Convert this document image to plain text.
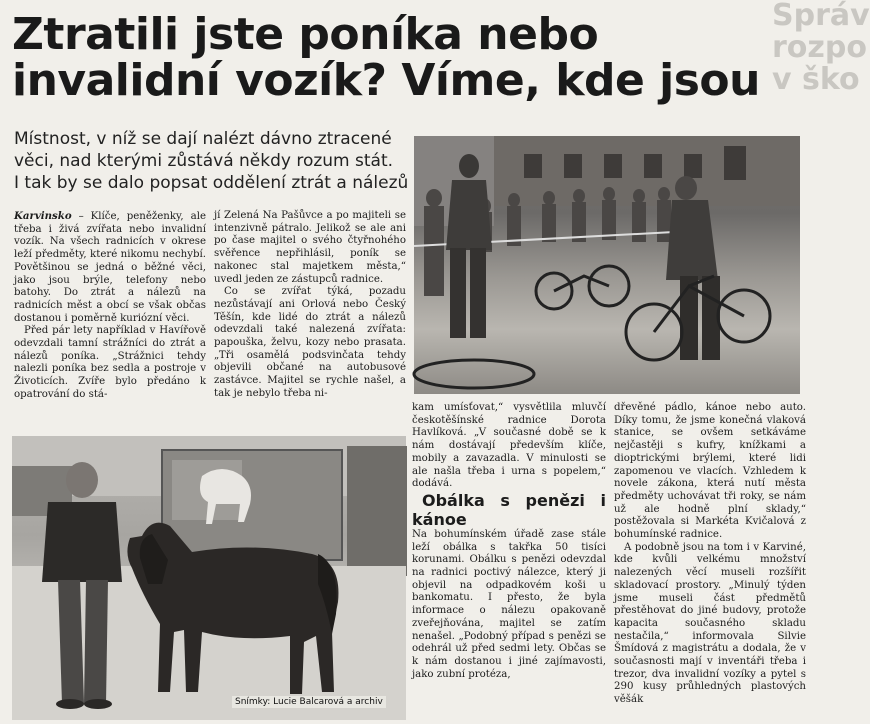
Správ
rozpo
v ško
Ztratili jste poníka nebo
invalidní vozík? Víme, kde jsou
Místnost, v níž se dají nalézt dávno ztracené
věci, nad kterými zůstává někdy rozum stát.
I tak by se dalo popsat oddělení ztrát a nálezů

Karvinsko – Klíče, peněženky, ale třeba i živá zvířata nebo invalidní vozík. Na všech radnicích v okrese leží předměty, které nikomu nechybí. Povětšinou se jedná o běžné věci, jako jsou brýle, telefony nebo batohy. Do ztrát a nálezů na radnicích měst a obcí se však občas dostanou i poměrně kuriózní věci.

Před pár lety například v Havířově odevzdali tamní strážníci do ztrát a nálezů poníka. „Strážnici tehdy nalezli poníka bez sedla a postroje v Životicích. Zvíře bylo předáno k opatrování do stá-

jí Zelená Na Pašůvce a po majiteli se intenzivně pátralo. Jelikož se ale ani po čase majitel o svého čtyřnohého svěřence nepřihlásil, poník se nakonec stal majetkem města,“ uvedl jeden ze zástupců radnice.

Co se zvířat týká, pozadu nezůstávají ani Orlová nebo Český Těšín, kde lidé do ztrát a nálezů odevzdali také nalezená zvířata: papouška, želvu, kozy nebo prasata. „Tři osamělá podsvinčata tehdy objevili občané na autobusové zastávce. Majitel se rychle našel, a tak je nebylo třeba ni-

Snímky: Lucie Balcarová a archiv

kam umísťovat,“ vysvětlila mluvčí českotěšínské radnice Dorota Havlíková. „V současné době se k nám dostávají především klíče, mobily a zavazadla. V minulosti se ale našla třeba i urna s popelem,“ dodává.

Obálka s penězi i kánoe

Na bohumínském úřadě zase stále leží obálka s takřka 50 tisíci korunami. Obálku s penězi odevzdal na radnici poctivý nálezce, který ji objevil na odpadkovém koši u bankomatu. I přesto, že byla informace o nálezu opakovaně zveřejňována, majitel se zatím nenašel. „Podobný případ s penězi se odehrál už před sedmi lety. Občas se k nám dostanou i jiné zajímavosti, jako zubní protéza,

dřevěné pádlo, kánoe nebo auto. Díky tomu, že jsme konečná vlaková stanice, se ovšem setkáváme nejčastěji s kufry, knížkami a dioptrickými brýlemi, které lidi zapomenou ve vlacích. Vzhledem k novele zákona, která nutí města předměty uchovávat tři roky, se nám už ale hodně plní sklady,“ postěžovala si Markéta Kvičalová z bohumínské radnice.

A podobně jsou na tom i v Karviné, kde kvůli velkému množství nalezených věcí museli rozšířit skladovací prostory. „Minulý týden jsme museli část předmětů přestěhovat do jiné budovy, protože kapacita současného skladu nestačila,“ informovala Silvie Šmídová z magistrátu a dodala, že v současnosti mají v inventáři třeba i trezor, dva invalidní vozíky a pytel s 290 kusy průhledných plastových věšák
